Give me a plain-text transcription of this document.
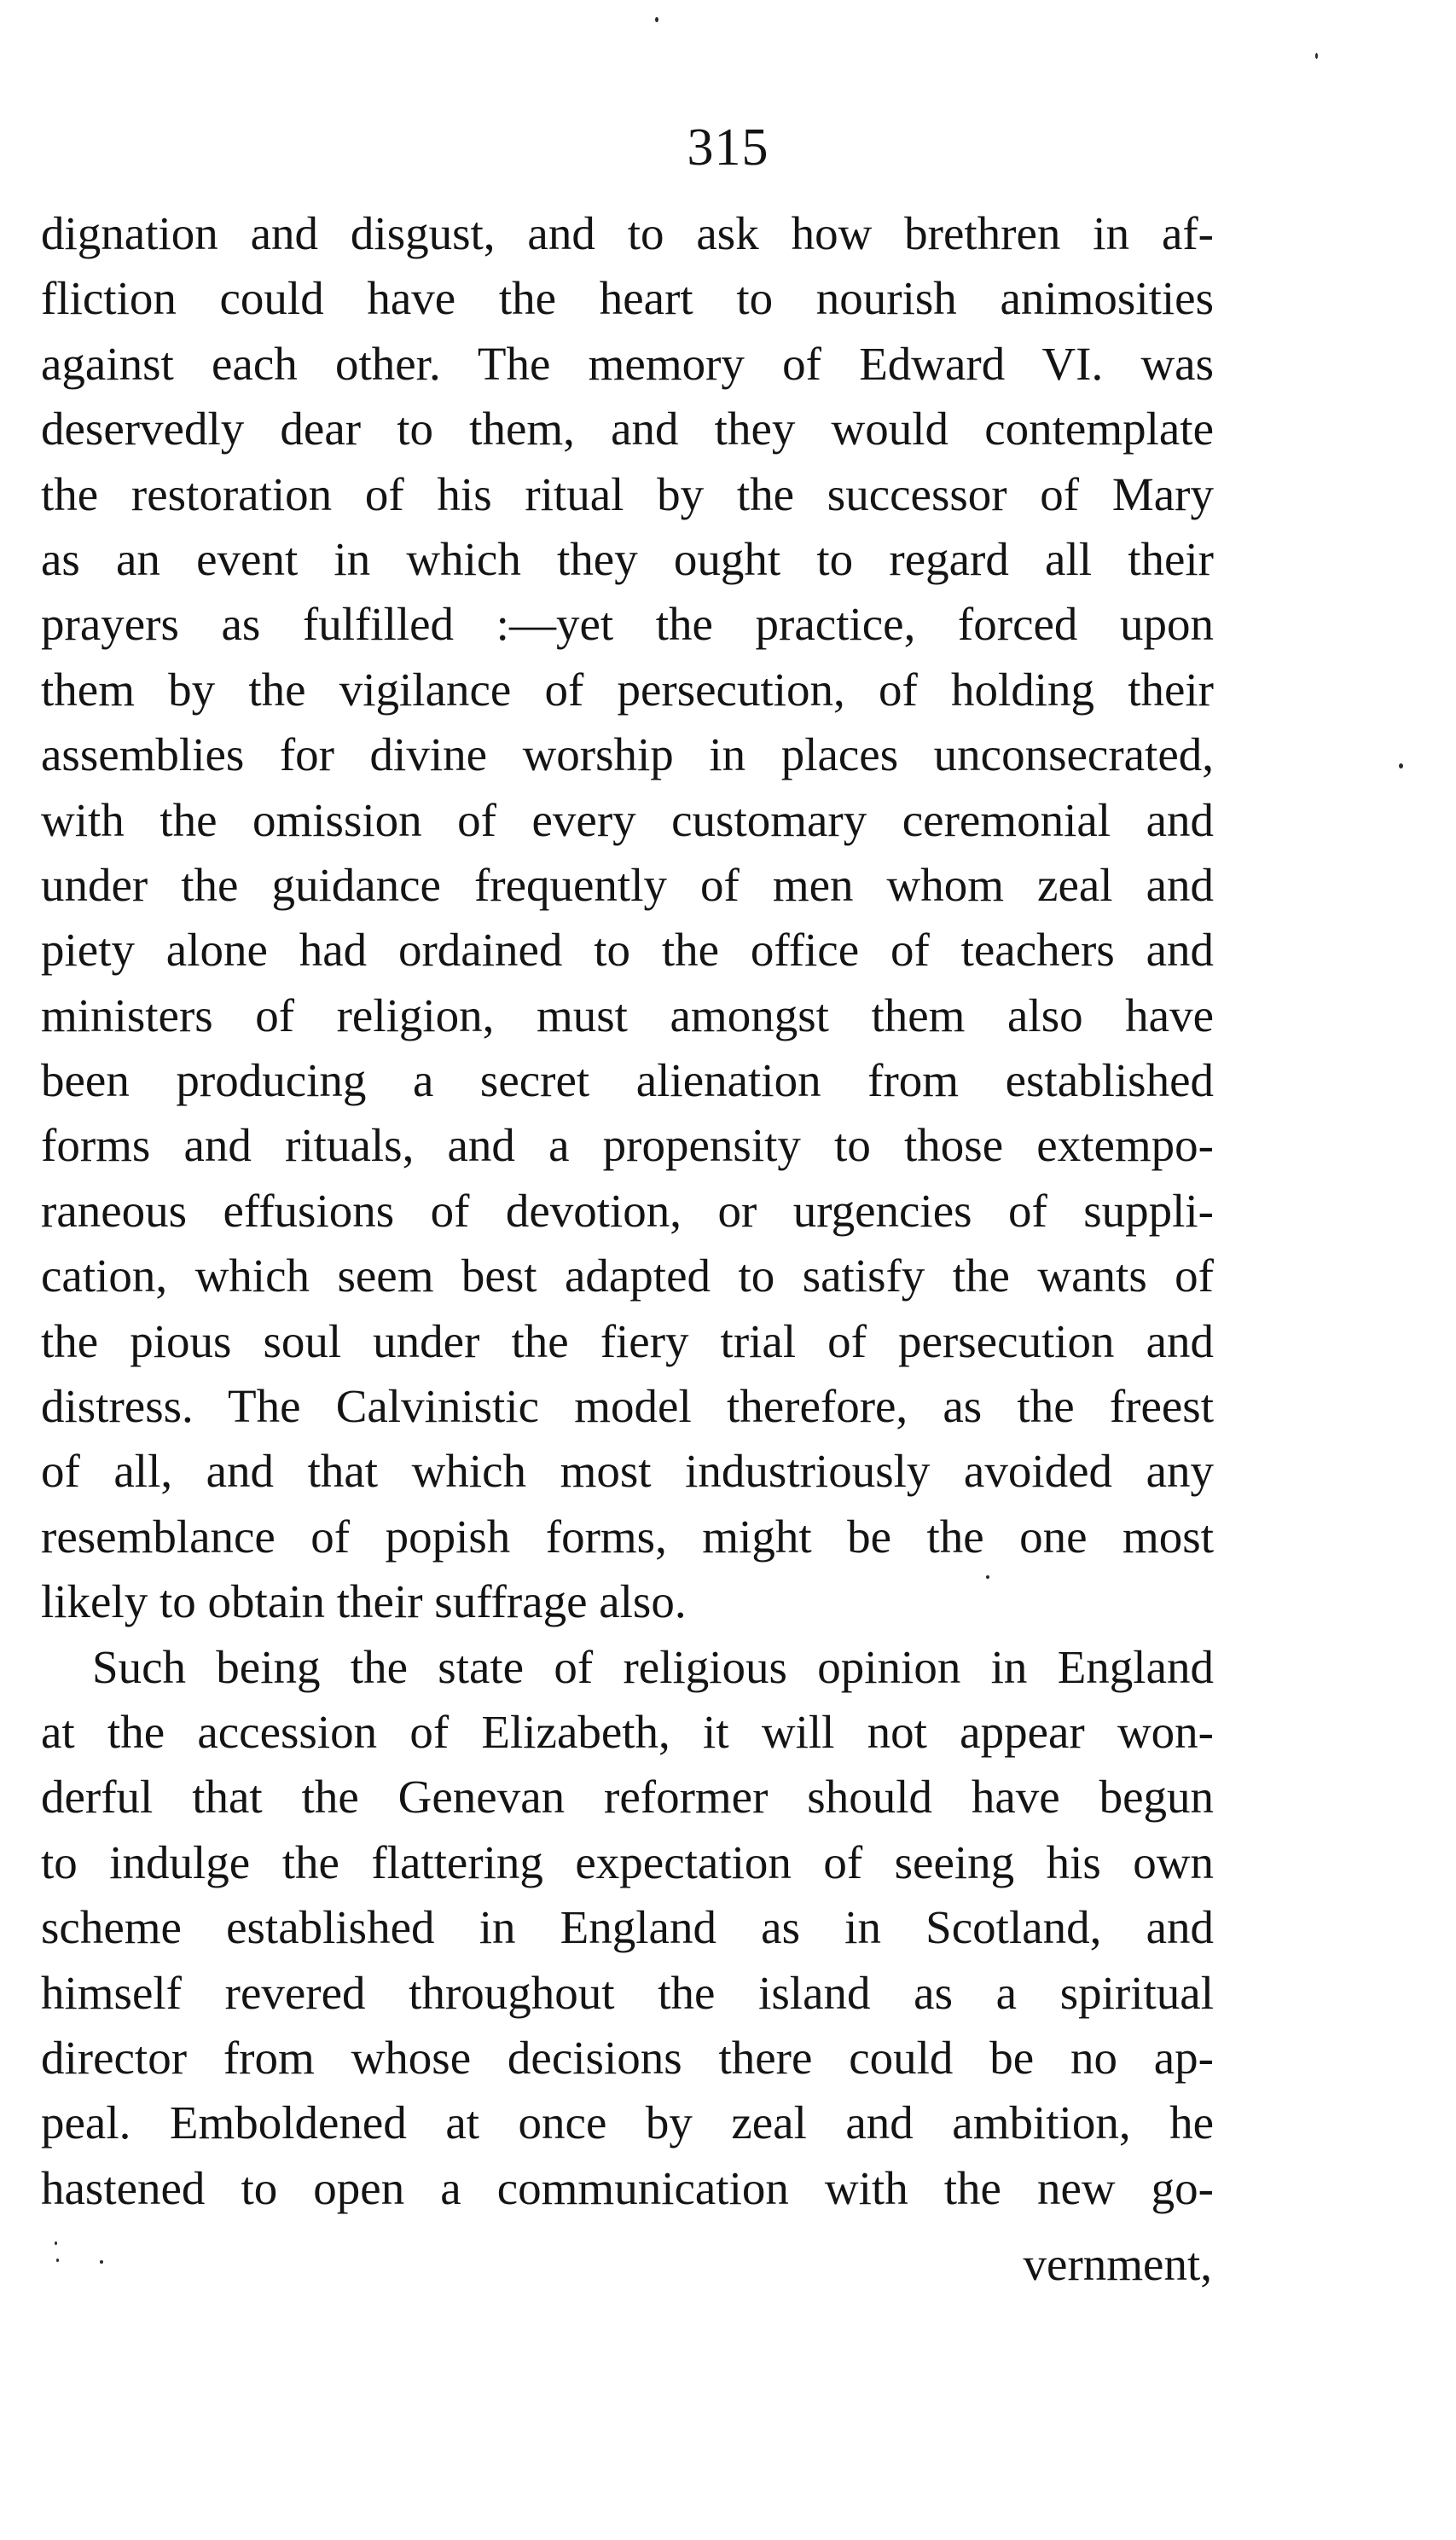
315
dignation and disgust, and to ask how brethren in af-
fliction could have the heart to nourish animosities
against each other. The memory of Edward VI. was
deservedly dear to them, and they would contemplate
the restoration of his ritual by the successor of Mary
as an event in which they ought to regard all their
prayers as fulfilled :—yet the practice, forced upon
them by the vigilance of persecution, of holding their
assemblies for divine worship in places unconsecrated,
with the omission of every customary ceremonial and
under the guidance frequently of men whom zeal and
piety alone had ordained to the office of teachers and
ministers of religion, must amongst them also have
been producing a secret alienation from established
forms and rituals, and a propensity to those extempo-
raneous effusions of devotion, or urgencies of suppli-
cation, which seem best adapted to satisfy the wants of
the pious soul under the fiery trial of persecution and
distress. The Calvinistic model therefore, as the freest
of all, and that which most industriously avoided any
resemblance of popish forms, might be the one most
likely to obtain their suffrage also.
Such being the state of religious opinion in England
at the accession of Elizabeth, it will not appear won-
derful that the Genevan reformer should have begun
to indulge the flattering expectation of seeing his own
scheme established in England as in Scotland, and
himself revered throughout the island as a spiritual
director from whose decisions there could be no ap-
peal. Emboldened at once by zeal and ambition, he
hastened to open a communication with the new go-
vernment,
